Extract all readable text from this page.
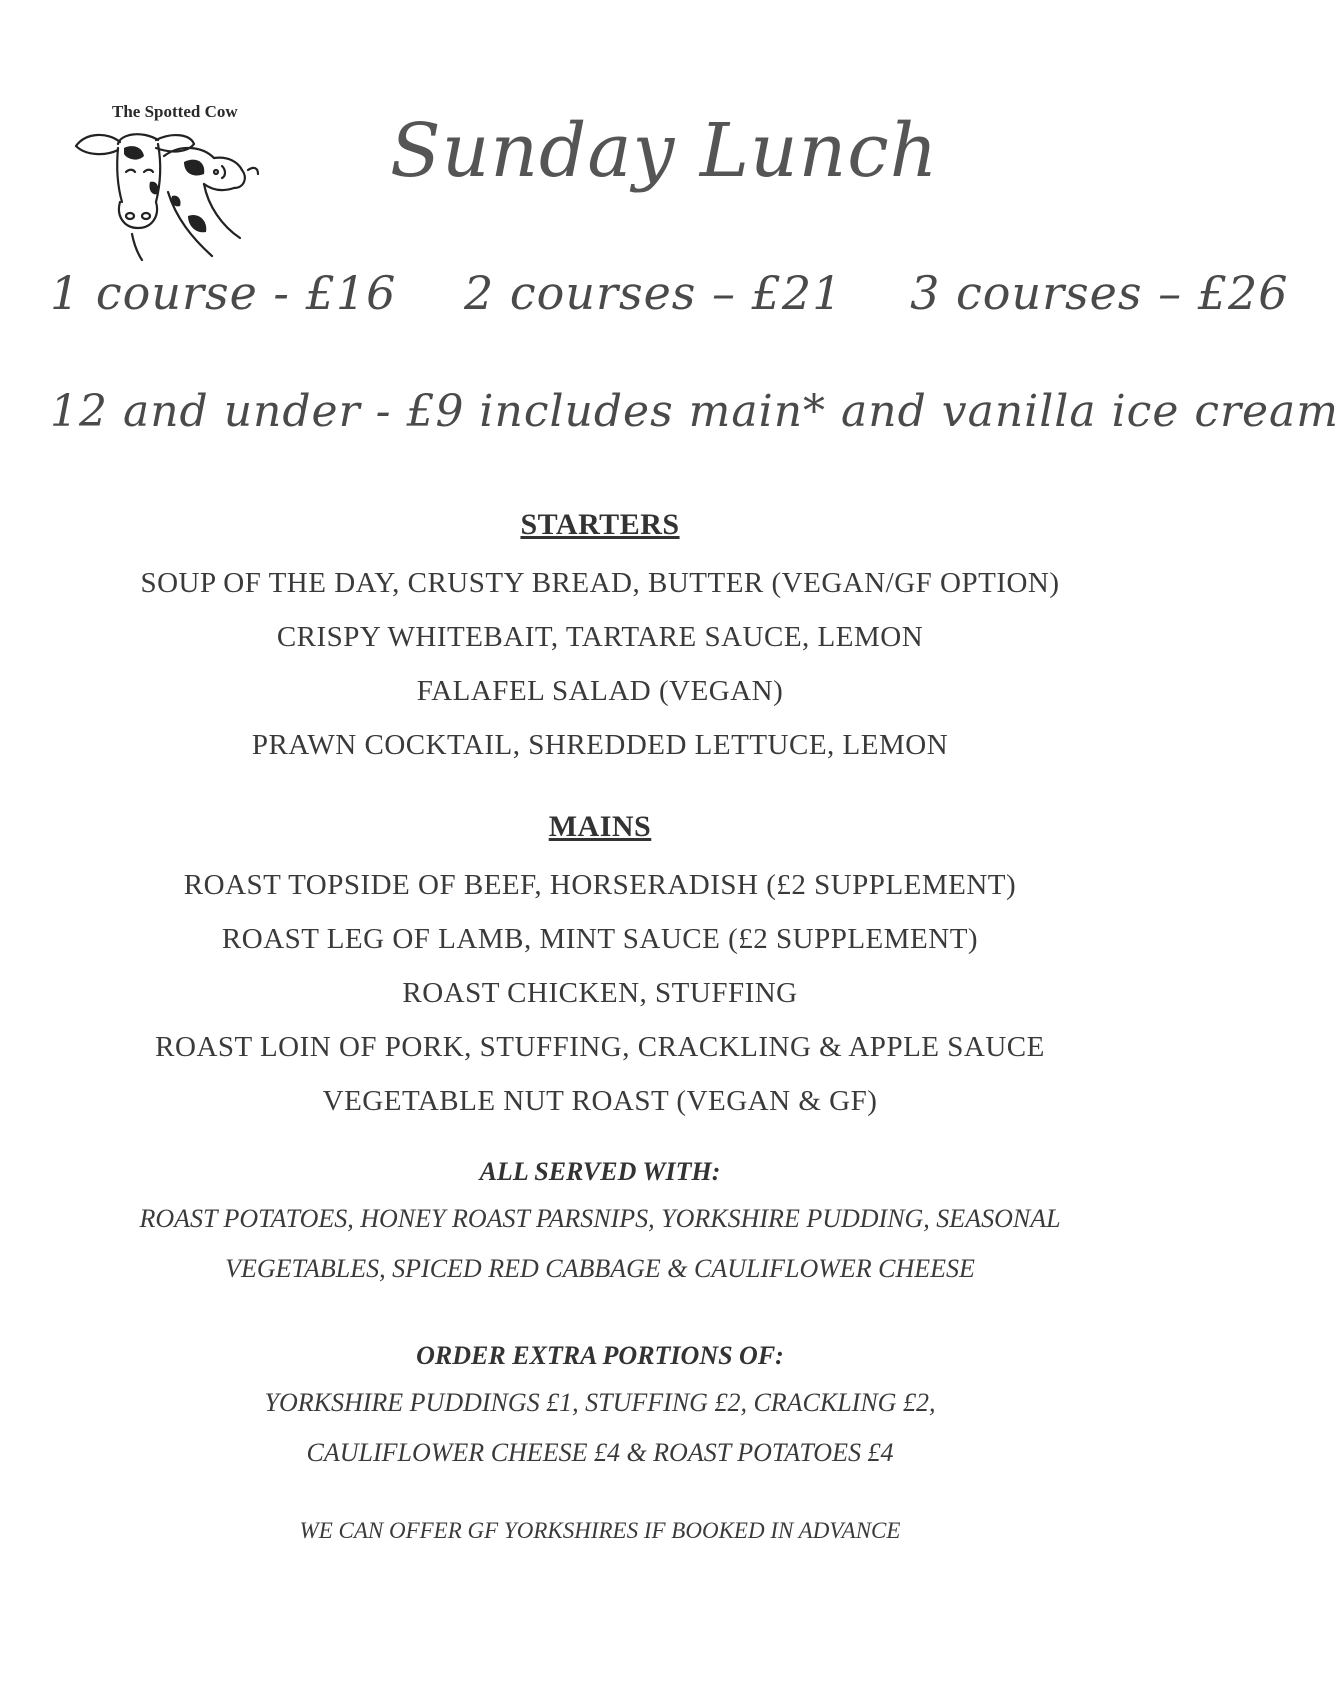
The Spotted Cow Sunday Lunch
1 course - £16 2 courses – £21 3 courses – £26
12 and under - £9 includes main* and vanilla ice cream
STARTERS
SOUP OF THE DAY, CRUSTY BREAD, BUTTER (VEGAN/GF OPTION)
CRISPY WHITEBAIT, TARTARE SAUCE, LEMON
FALAFEL SALAD (VEGAN)
PRAWN COCKTAIL, SHREDDED LETTUCE, LEMON
MAINS
ROAST TOPSIDE OF BEEF, HORSERADISH (£2 SUPPLEMENT)
ROAST LEG OF LAMB, MINT SAUCE (£2 SUPPLEMENT)
ROAST CHICKEN, STUFFING
ROAST LOIN OF PORK, STUFFING, CRACKLING & APPLE SAUCE
VEGETABLE NUT ROAST (VEGAN & GF)
ALL SERVED WITH:
ROAST POTATOES, HONEY ROAST PARSNIPS, YORKSHIRE PUDDING, SEASONAL
VEGETABLES, SPICED RED CABBAGE & CAULIFLOWER CHEESE
ORDER EXTRA PORTIONS OF:
YORKSHIRE PUDDINGS £1, STUFFING £2, CRACKLING £2,
CAULIFLOWER CHEESE £4 & ROAST POTATOES £4
WE CAN OFFER GF YORKSHIRES IF BOOKED IN ADVANCE
